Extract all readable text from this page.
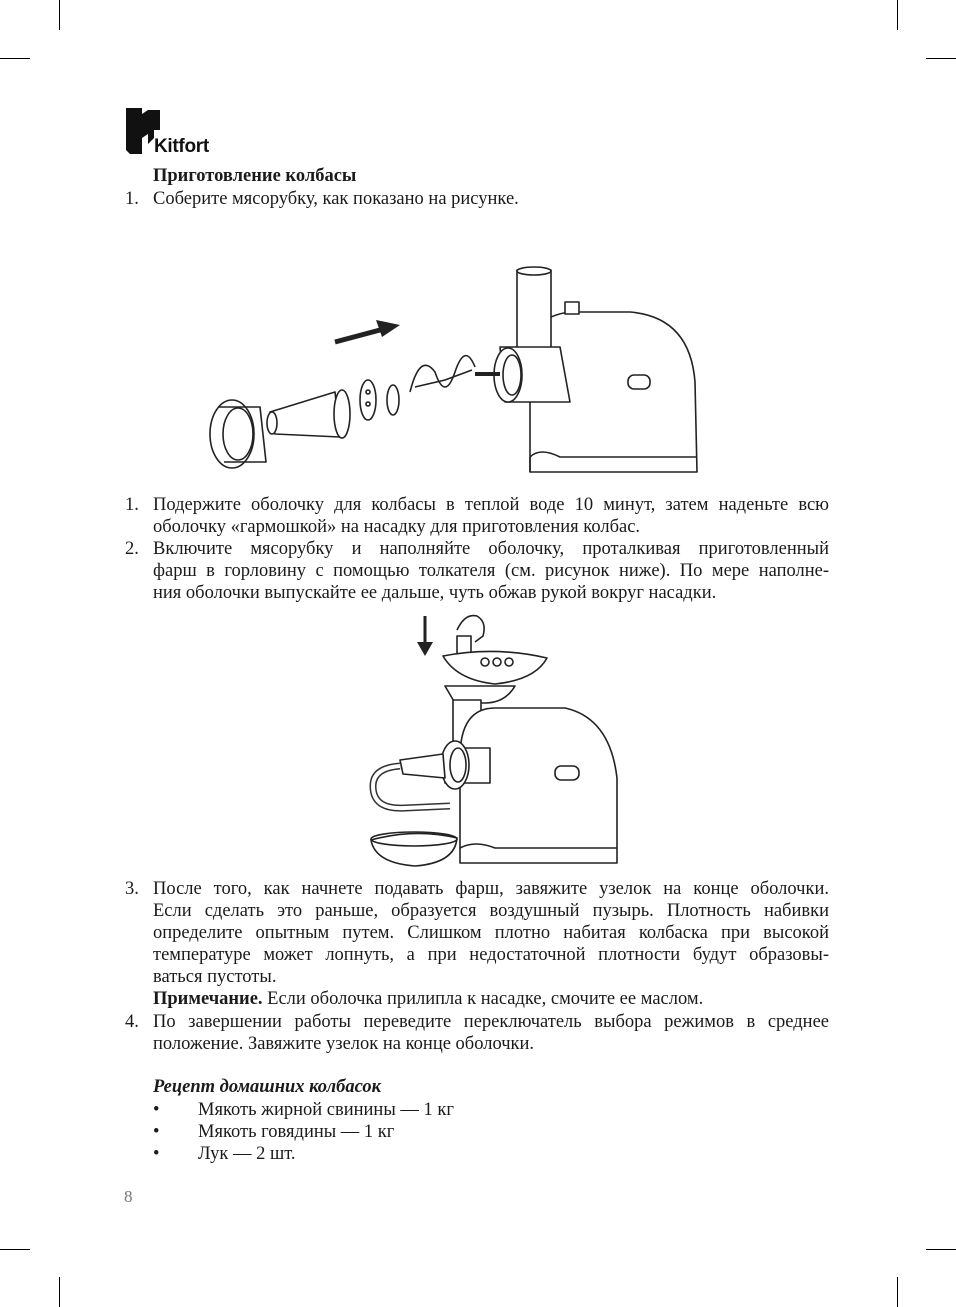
Kitfort
Приготовление колбасы
1. Соберите мясорубку, как показано на рисунке.
1. Подержите оболочку для колбасы в теплой воде 10 минут, затем наденьте всю
оболочку «гармошкой» на насадку для приготовления колбас.
2. Включите мясорубку и наполняйте оболочку, проталкивая приготовленный
фарш в горловину с помощью толкателя (см. рисунок ниже). По мере наполне-
ния оболочки выпускайте ее дальше, чуть обжав рукой вокруг насадки.
3. После того, как начнете подавать фарш, завяжите узелок на конце оболочки.
Если сделать это раньше, образуется воздушный пузырь. Плотность набивки
определите опытным путем. Слишком плотно набитая колбаска при высокой
температуре может лопнуть, а при недостаточной плотности будут образовы-
ваться пустоты.
Примечание. Если оболочка прилипла к насадке, смочите ее маслом.
4. По завершении работы переведите переключатель выбора режимов в среднее
положение. Завяжите узелок на конце оболочки.
Рецепт домашних колбасок
• Мякоть жирной свинины — 1 кг
• Мякоть говядины — 1 кг
• Лук — 2 шт.
8
